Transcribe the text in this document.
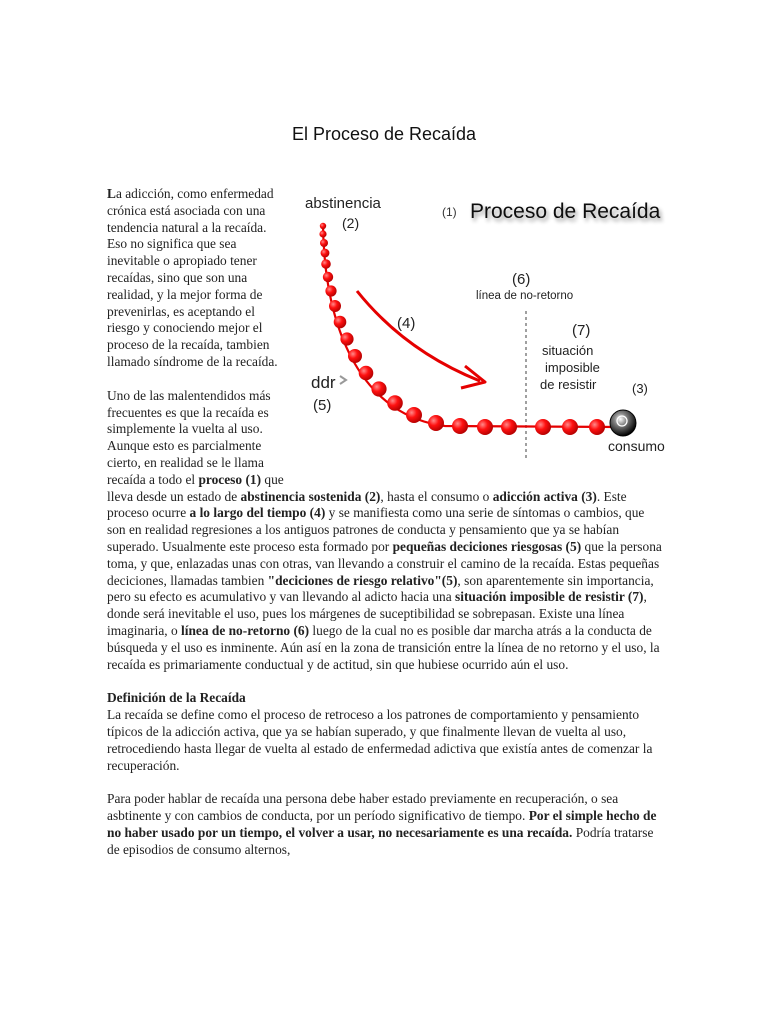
El Proceso de Recaída
abstinencia
(2)
(1) Proceso de Recaída
(6)
línea de no-retorno
(4)	(7)
situación
imposible
de resistir
ddr
(5)
(3)
consumo

La adicción, como enfermedad crónica está asociada con una tendencia natural a la recaída. Eso no significa que sea inevitable o apropiado tener recaídas, sino que son una realidad, y la mejor forma de prevenirlas, es aceptando el riesgo y conociendo mejor el proceso de la recaída, tambien llamado síndrome de la recaída.

Uno de las malentendidos más frecuentes es que la recaída es simplemente la vuelta al uso. Aunque esto es parcialmente cierto, en realidad se le llama recaída a todo el proceso (1) que lleva desde un estado de abstinencia sostenida (2), hasta el consumo o adicción activa (3). Este proceso ocurre a lo largo del tiempo (4) y se manifiesta como una serie de síntomas o cambios, que son en realidad regresiones a los antiguos patrones de conducta y pensamiento que ya se habían superado. Usualmente este proceso esta formado por pequeñas deciciones riesgosas (5) que la persona toma, y que, enlazadas unas con otras, van llevando a construir el camino de la recaída. Estas pequeñas deciciones, llamadas tambien "deciciones de riesgo relativo"(5), son aparentemente sin importancia, pero su efecto es acumulativo y van llevando al adicto hacia una situación imposible de resistir (7), donde será inevitable el uso, pues los márgenes de suceptibilidad se sobrepasan. Existe una línea imaginaria, o línea de no-retorno (6) luego de la cual no es posible dar marcha atrás a la conducta de búsqueda y el uso es inminente. Aún así en la zona de transición entre la línea de no retorno y el uso, la recaída es primariamente conductual y de actitud, sin que hubiese ocurrido aún el uso.

Definición de la Recaída

La recaída se define como el proceso de retroceso a los patrones de comportamiento y pensamiento típicos de la adicción activa, que ya se habían superado, y que finalmente llevan de vuelta al uso, retrocediendo hasta llegar de vuelta al estado de enfermedad adictiva que existía antes de comenzar la recuperación.

Para poder hablar de recaída una persona debe haber estado previamente en recuperación, o sea asbtinente y con cambios de conducta, por un período significativo de tiempo. Por el simple hecho de no haber usado por un tiempo, el volver a usar, no necesariamente es una recaída. Podría tratarse de episodios de consumo alternos,
